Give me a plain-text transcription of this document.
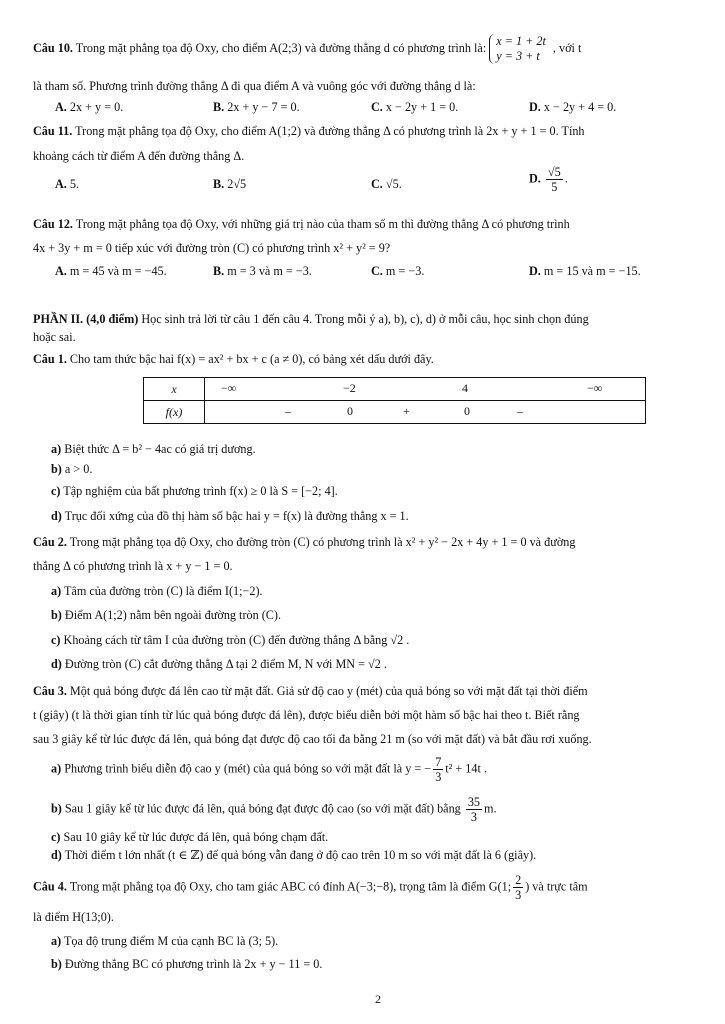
Câu 10. Trong mặt phẳng tọa độ Oxy, cho điểm A(2;3) và đường thẳng d có phương trình là: x = 1 + 2t
y = 3 + t
, với t
là tham số. Phương trình đường thẳng Δ đi qua điểm A và vuông góc với đường thẳng d là:
A. 2x + y = 0.	B. 2x + y − 7 = 0.	C. x − 2y + 1 = 0.	D. x − 2y + 4 = 0.
Câu 11. Trong mặt phẳng tọa độ Oxy, cho điểm A(1;2) và đường thẳng Δ có phương trình là 2x + y + 1 = 0. Tính
khoảng cách từ điểm A đến đường thẳng Δ.
A. 5.	B. 2√5	C. √5.	D. $\frac{√5}{5}$ .
Câu 12. Trong mặt phẳng tọa độ Oxy, với những giá trị nào của tham số m thì đường thẳng Δ có phương trình
4x + 3y + m = 0 tiếp xúc với đường tròn (C) có phương trình x² + y² = 9?
A. m = 45 và m = −45.	B. m = 3 và m = −3.	C. m = −3.	D. m = 15 và m = −15.
PHẦN II. (4,0 điểm) Học sinh trả lời từ câu 1 đến câu 4. Trong mỗi ý a), b), c), d) ở mỗi câu, học sinh chọn đúng
hoặc sai.
Câu 1. Cho tam thức bậc hai f(x) = ax² + bx + c (a ≠ 0), có bảng xét dấu dưới đây.
x	−∞ −2 4 −∞

f(x)	– 0 + 0 –
a) Biệt thức Δ = b² − 4ac có giá trị dương.
b) a > 0.
c) Tập nghiệm của bất phương trình f(x) ≥ 0 là S = [−2; 4].
d) Trục đối xứng của đồ thị hàm số bậc hai y = f(x) là đường thẳng x = 1.
Câu 2. Trong mặt phẳng tọa độ Oxy, cho đường tròn (C) có phương trình là x² + y² − 2x + 4y + 1 = 0 và đường
thẳng Δ có phương trình là x + y − 1 = 0.
a) Tâm của đường tròn (C) là điểm I(1;−2).
b) Điểm A(1;2) nằm bên ngoài đường tròn (C).
c) Khoảng cách từ tâm I của đường tròn (C) đến đường thẳng Δ bằng √2 .
d) Đường tròn (C) cắt đường thẳng Δ tại 2 điểm M, N với MN = √2 .
Câu 3. Một quả bóng được đá lên cao từ mặt đất. Giả sử độ cao y (mét) của quả bóng so với mặt đất tại thời điểm
t (giây) (t là thời gian tính từ lúc quả bóng được đá lên), được biểu diễn bởi một hàm số bậc hai theo t. Biết rằng
sau 3 giây kể từ lúc được đá lên, quả bóng đạt được độ cao tối đa bằng 21 m (so với mặt đất) và bắt đầu rơi xuống.
a) Phương trình biểu diễn độ cao y (mét) của quả bóng so với mặt đất là y = − $\frac{7}{3} t^2 + 14t$ .
b) Sau 1 giây kể từ lúc được đá lên, quả bóng đạt được độ cao (so với mặt đất) bằng $\frac{35}{3} m$.
c) Sau 10 giây kể từ lúc được đá lên, quả bóng chạm đất.
d) Thời điểm t lớn nhất (t ∈ ℤ) để quả bóng vẫn đang ở độ cao trên 10 m so với mặt đất là 6 (giây).
Câu 4. Trong mặt phẳng tọa độ Oxy, cho tam giác ABC có đỉnh A(−3;−8), trọng tâm là điểm G(1; $\frac{2}{3}$ ) và trực tâm
là điểm H(13;0).
a) Tọa độ trung điểm M của cạnh BC là (3; 5).
b) Đường thẳng BC có phương trình là 2x + y − 11 = 0.
2
